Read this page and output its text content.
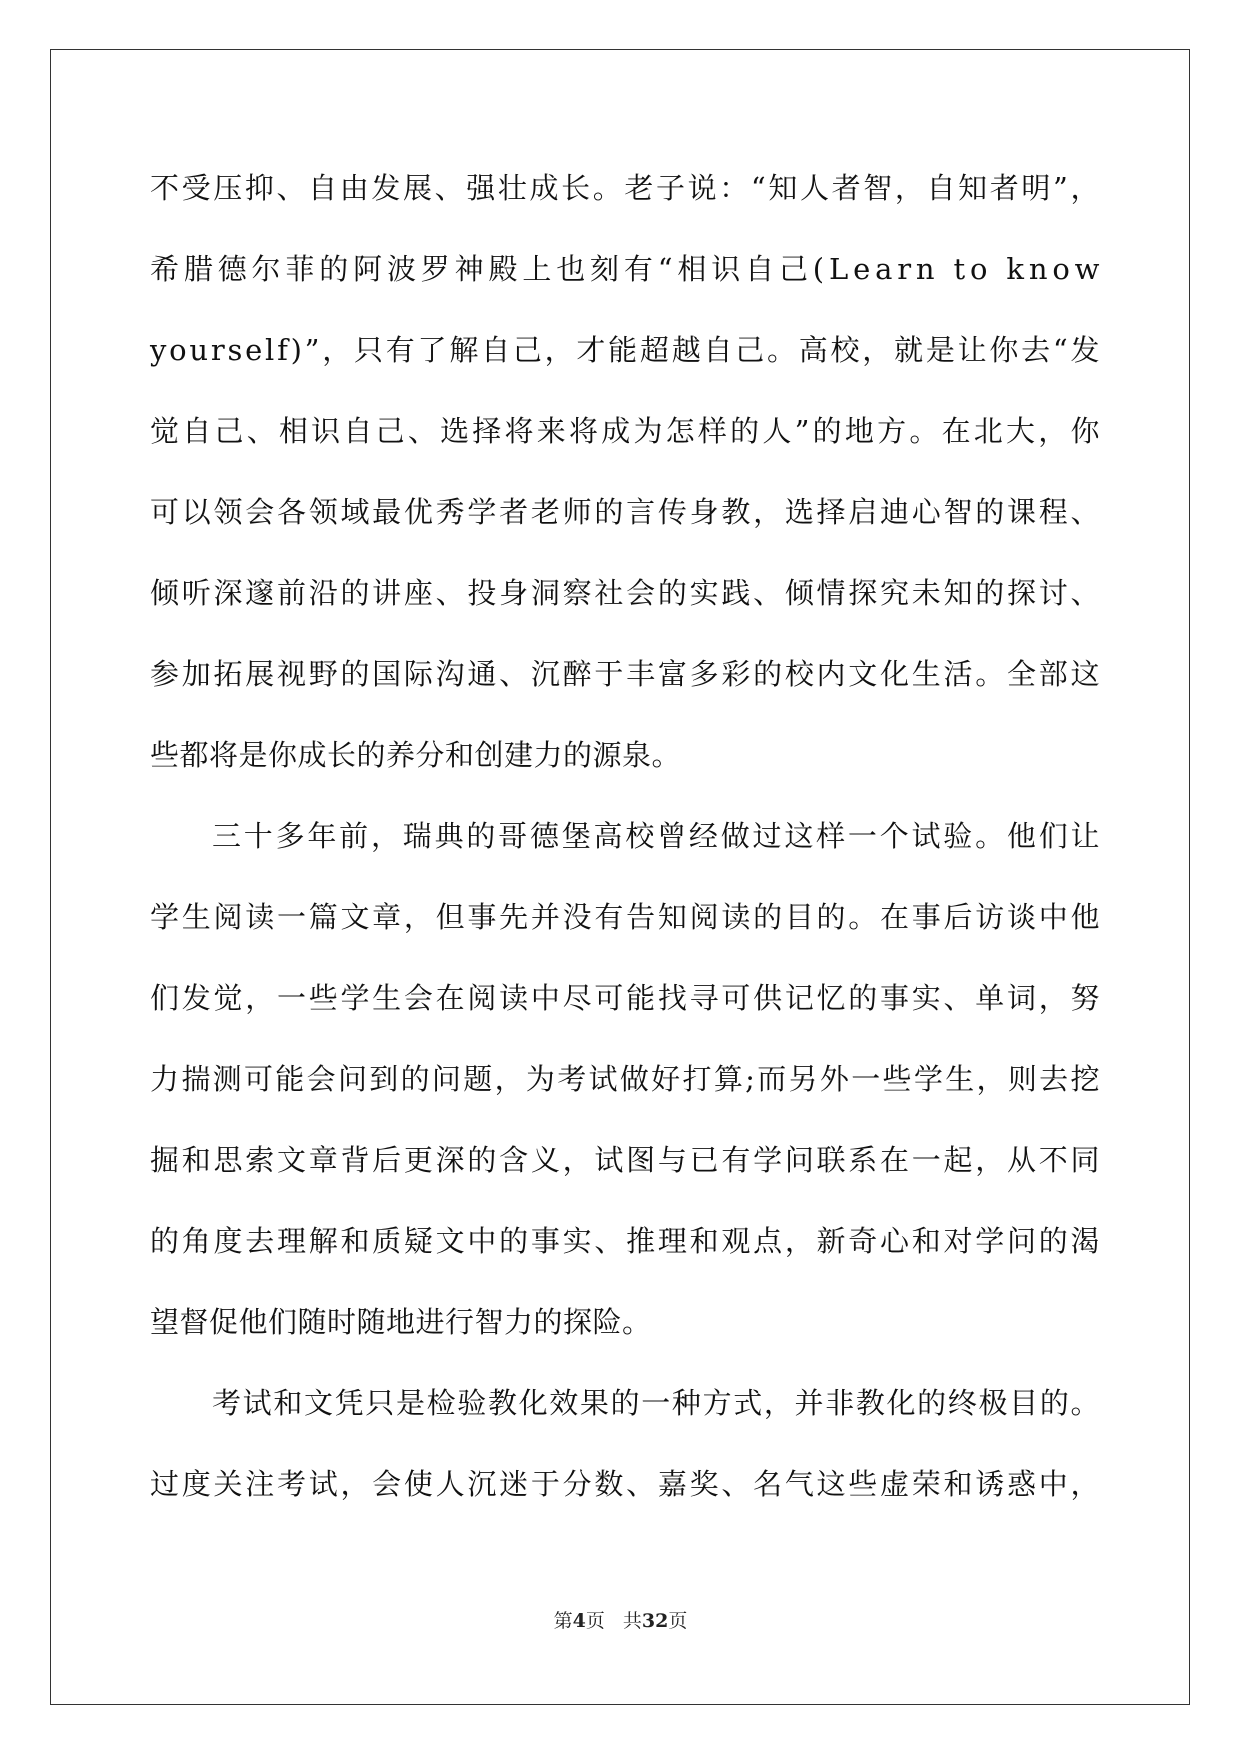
不受压抑、自由发展、强壮成长。老子说：“知人者智，自知者明”，
希腊德尔菲的阿波罗神殿上也刻有“相识自己(Learn to know
yourself)”，只有了解自己，才能超越自己。高校，就是让你去“发
觉自己、相识自己、选择将来将成为怎样的人”的地方。在北大，你
可以领会各领域最优秀学者老师的言传身教，选择启迪心智的课程、
倾听深邃前沿的讲座、投身洞察社会的实践、倾情探究未知的探讨、
参加拓展视野的国际沟通、沉醉于丰富多彩的校内文化生活。全部这
些都将是你成长的养分和创建力的源泉。
三十多年前，瑞典的哥德堡高校曾经做过这样一个试验。他们让
学生阅读一篇文章，但事先并没有告知阅读的目的。在事后访谈中他
们发觉，一些学生会在阅读中尽可能找寻可供记忆的事实、单词，努
力揣测可能会问到的问题，为考试做好打算;而另外一些学生，则去挖
掘和思索文章背后更深的含义，试图与已有学问联系在一起，从不同
的角度去理解和质疑文中的事实、推理和观点，新奇心和对学问的渴
望督促他们随时随地进行智力的探险。
考试和文凭只是检验教化效果的一种方式，并非教化的终极目的。
过度关注考试，会使人沉迷于分数、嘉奖、名气这些虚荣和诱惑中，
第4页 共32页
